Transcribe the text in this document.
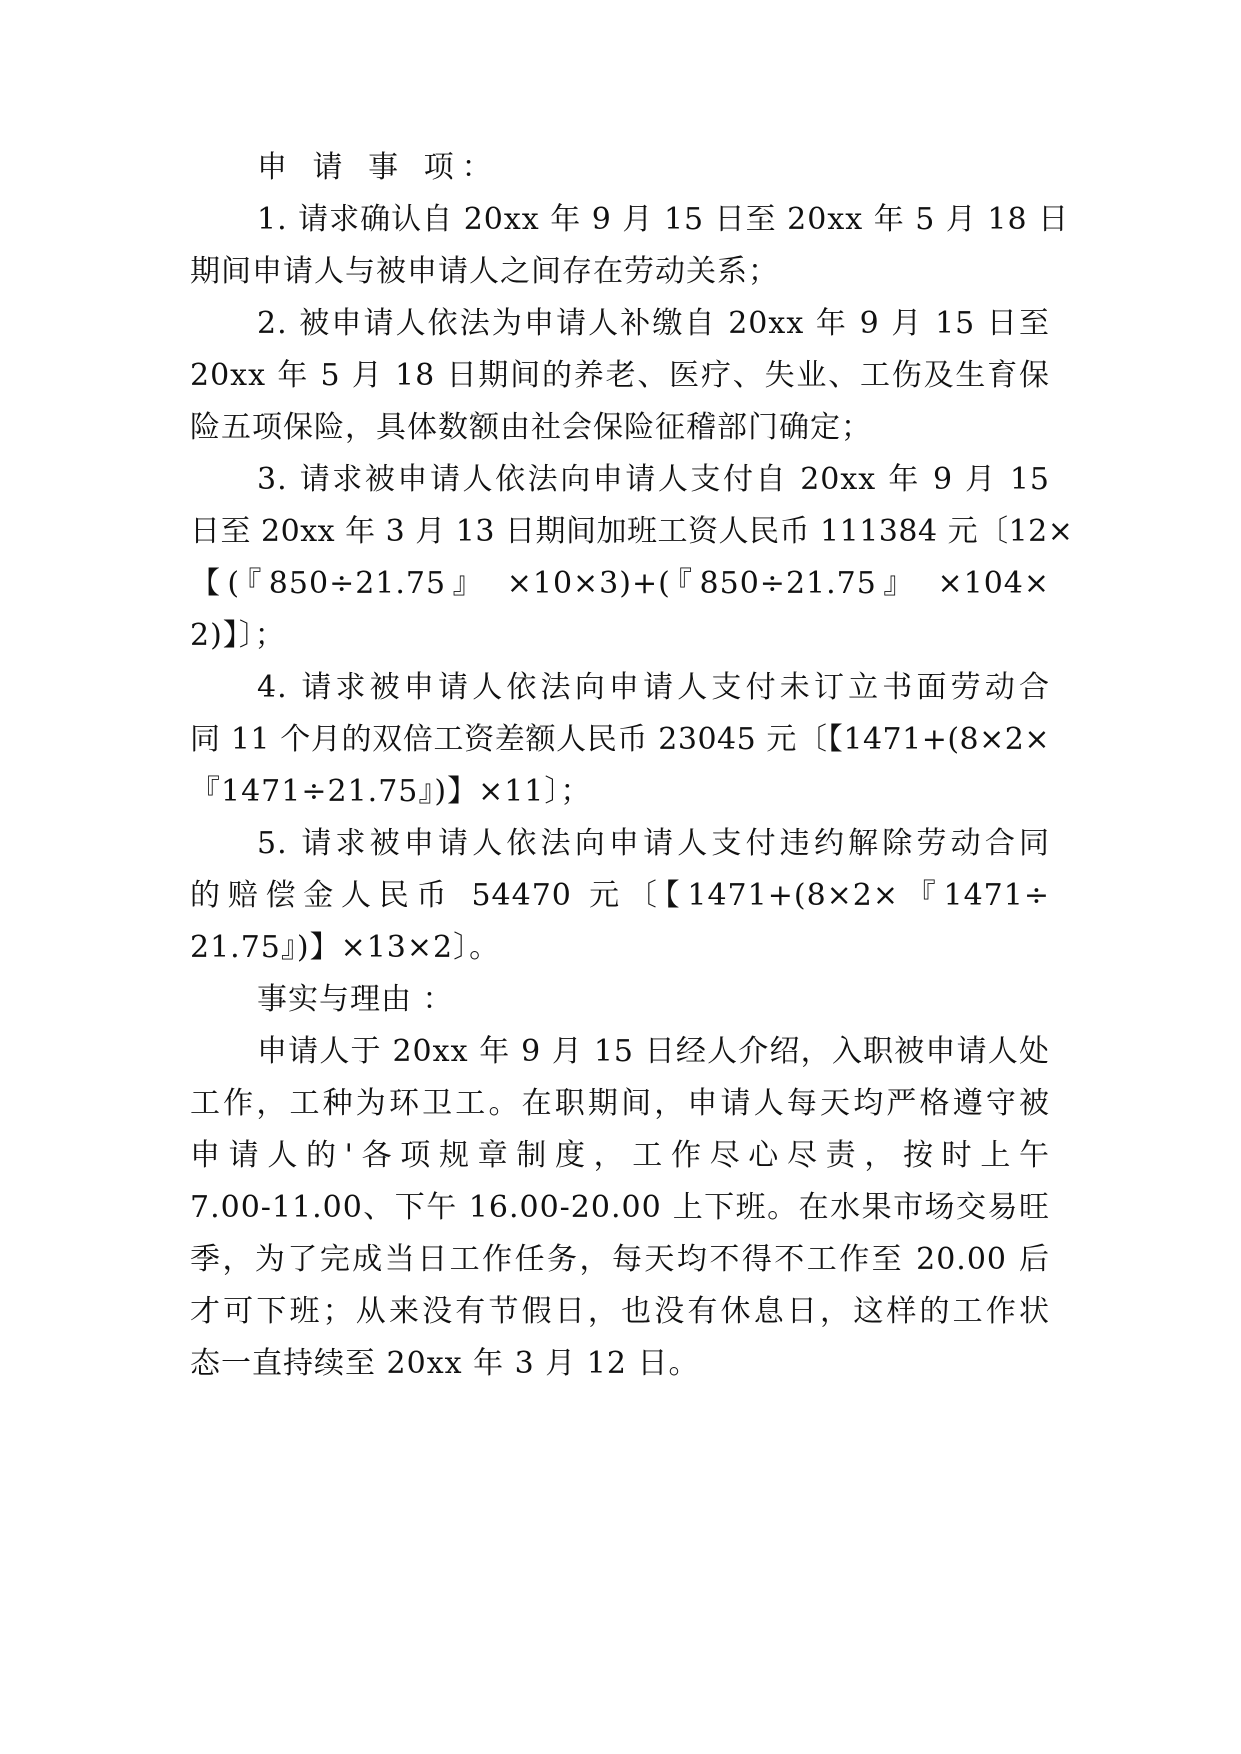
申 请 事 项：
1. 请求确认自 20xx 年 9 月 15 日至 20xx 年 5 月 18 日
期间申请人与被申请人之间存在劳动关系；
2. 被申请人依法为申请人补缴自 20xx 年 9 月 15 日至
20xx 年 5 月 18 日期间的养老、医疗、失业、工伤及生育保
险五项保险，具体数额由社会保险征稽部门确定；
3. 请求被申请人依法向申请人支付自 20xx 年 9 月 15
日至 20xx 年 3 月 13 日期间加班工资人民币 111384 元〔12×
【(『850÷21.75』 ×10×3)+(『850÷21.75』 ×104×
2)】〕；
4. 请求被申请人依法向申请人支付未订立书面劳动合
同 11 个月的双倍工资差额人民币 23045 元〔【1471+(8×2×
『1471÷21.75』)】×11〕；
5. 请求被申请人依法向申请人支付违约解除劳动合同
的赔偿金人民币 54470 元〔【1471+(8×2×『1471÷
21.75』)】×13×2〕。
事实与理由 ：
申请人于 20xx 年 9 月 15 日经人介绍，入职被申请人处
工作，工种为环卫工。在职期间，申请人每天均严格遵守被
申请人的'各项规章制度，工作尽心尽责，按时上午
7.00-11.00、下午 16.00-20.00 上下班。在水果市场交易旺
季，为了完成当日工作任务，每天均不得不工作至 20.00 后
才可下班；从来没有节假日，也没有休息日，这样的工作状
态一直持续至 20xx 年 3 月 12 日。
